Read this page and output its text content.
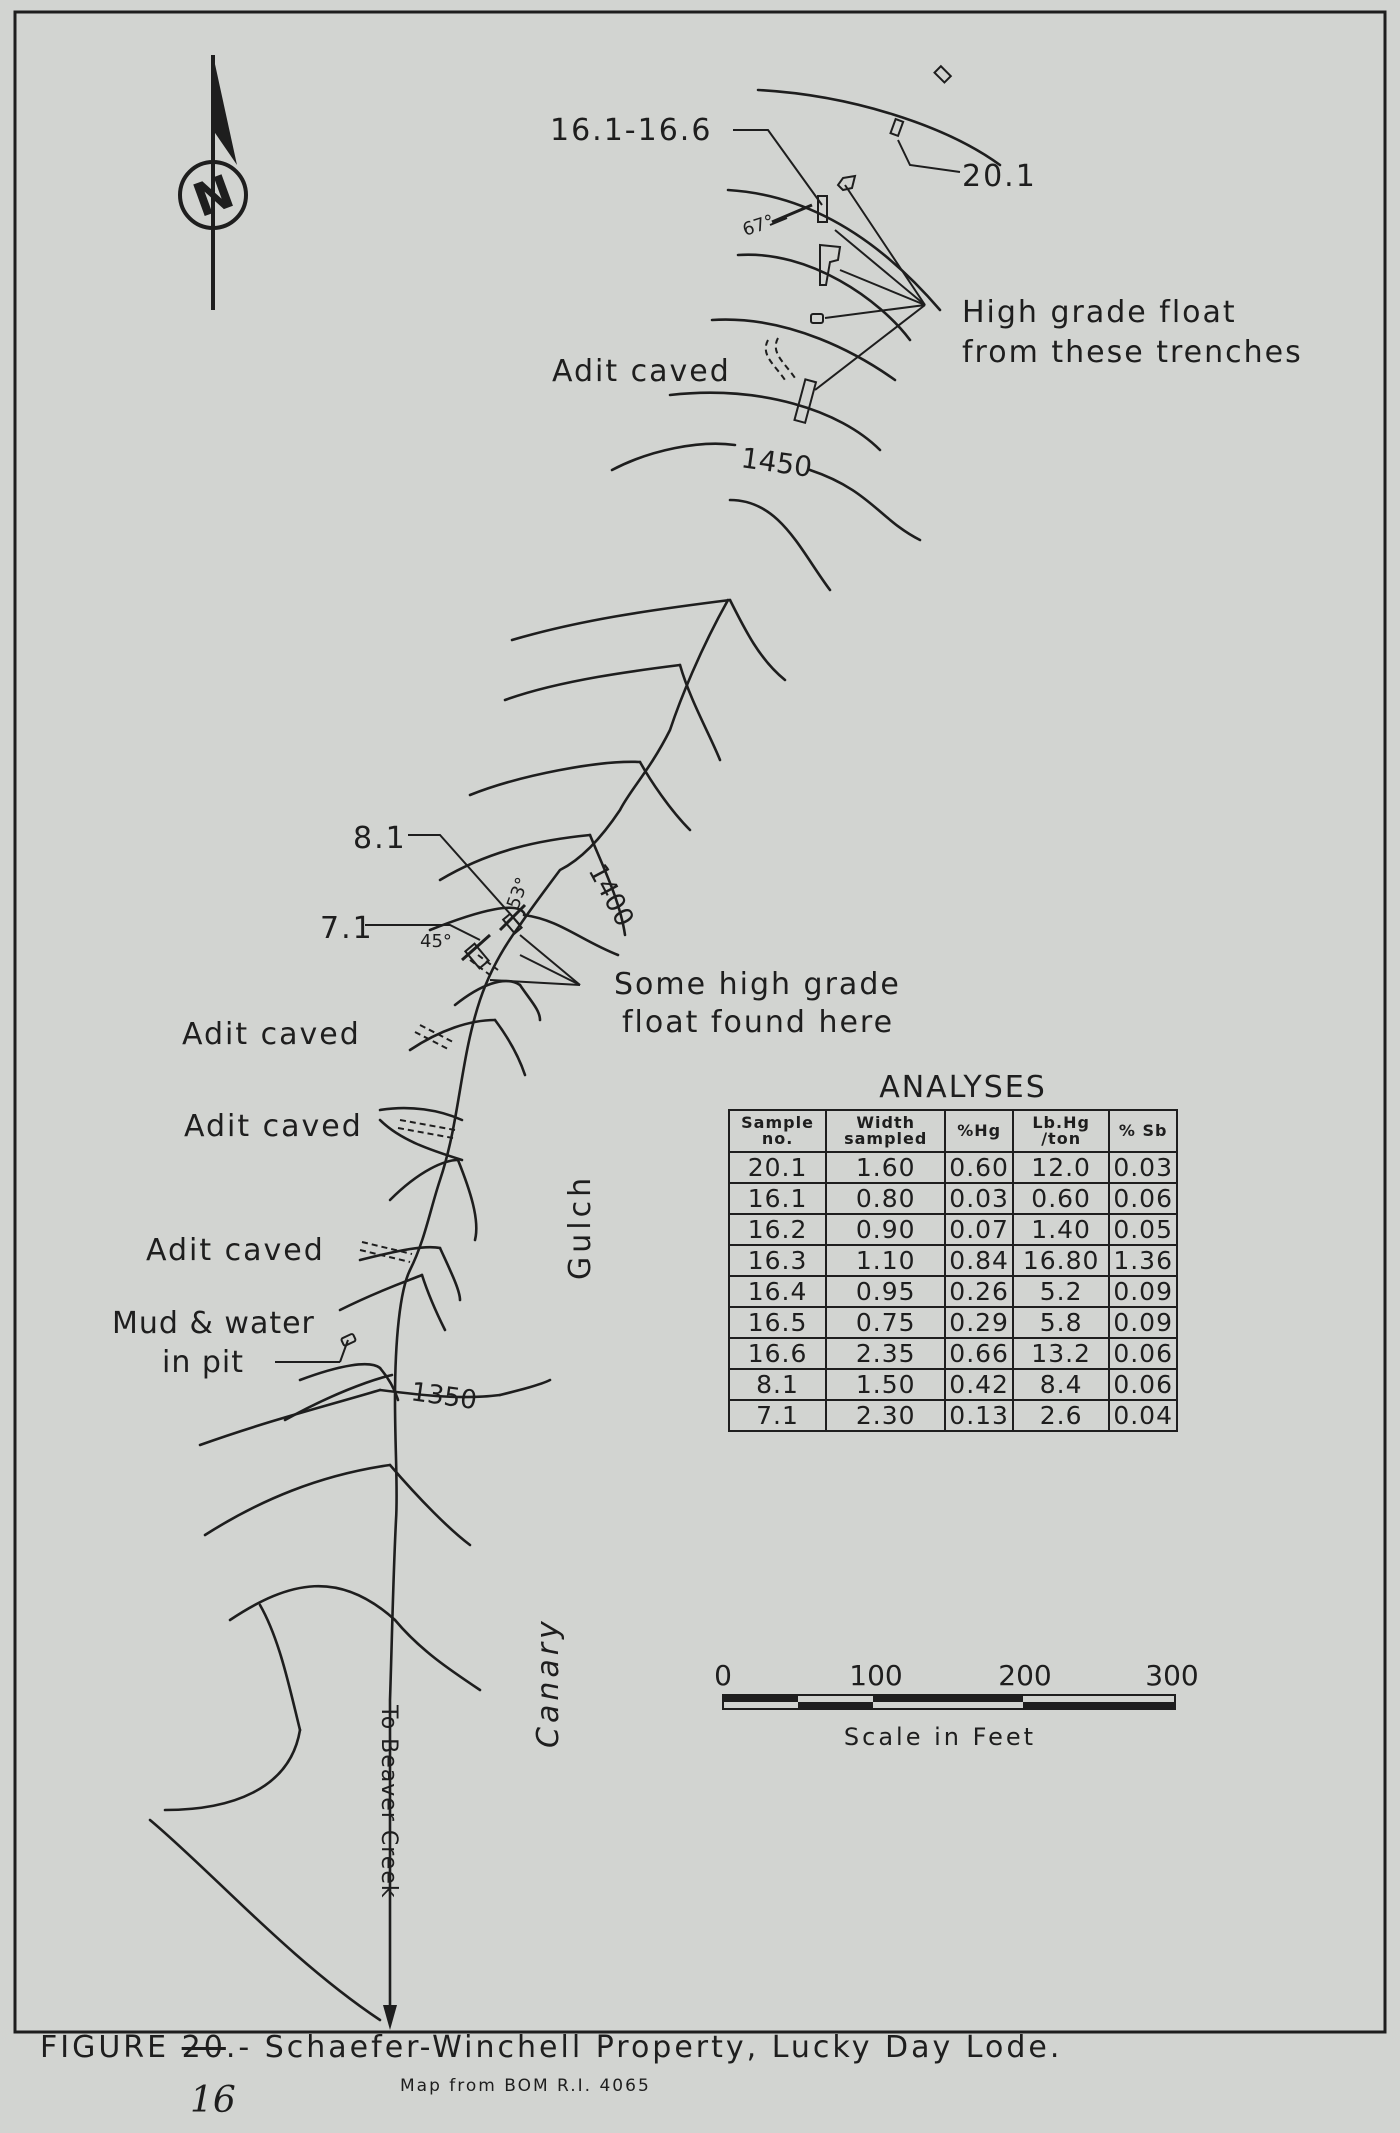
N
16.1-16.6
20.1
67°
High grade float
from these trenches
Adit caved
1450
8.1
7.1
53°
45°
1400
Some high grade
float found here
Adit caved
Adit caved
Adit caved	Gulch
Mud & water
in pit
1350
Canary
To Beaver Creek
0	100	200	300
Scale in Feet
ANALYSES
Sample no.	Width sampled	%Hg	Lb.Hg /ton	% Sb
20.1	1.60	0.60	12.0	0.03
16.1	0.80	0.03	0.60	0.06
16.2	0.90	0.07	1.40	0.05
16.3	1.10	0.84	16.80	1.36
16.4	0.95	0.26	5.2	0.09
16.5	0.75	0.29	5.8	0.09
16.6	2.35	0.66	13.2	0.06
8.1	1.50	0.42	8.4	0.06
7.1	2.30	0.13	2.6	0.04
FIGURE 20.- Schaefer-Winchell Property, Lucky Day Lode.
16	Map from BOM R.I. 4065
